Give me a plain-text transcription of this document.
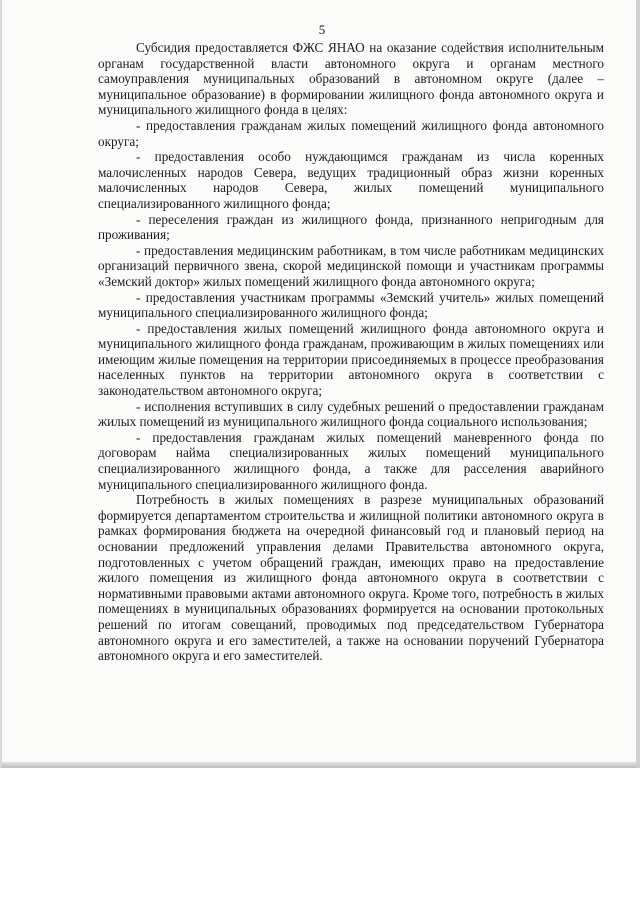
5

Субсидия предоставляется ФЖС ЯНАО на оказание содействия исполнительным органам государственной власти автономного округа и органам местного самоуправления муниципальных образований в автономном округе (далее – муниципальное образование) в формировании жилищного фонда автономного округа и муниципального жилищного фонда в целях:

- предоставления гражданам жилых помещений жилищного фонда автономного округа;

- предоставления особо нуждающимся гражданам из числа коренных малочисленных народов Севера, ведущих традиционный образ жизни коренных малочисленных народов Севера, жилых помещений муниципального специализированного жилищного фонда;

- переселения граждан из жилищного фонда, признанного непригодным для проживания;

- предоставления медицинским работникам, в том числе работникам медицинских организаций первичного звена, скорой медицинской помощи и участникам программы «Земский доктор» жилых помещений жилищного фонда автономного округа;

- предоставления участникам программы «Земский учитель» жилых помещений муниципального специализированного жилищного фонда;

- предоставления жилых помещений жилищного фонда автономного округа и муниципального жилищного фонда гражданам, проживающим в жилых помещениях или имеющим жилые помещения на территории присоединяемых в процессе преобразования населенных пунктов на территории автономного округа в соответствии с законодательством автономного округа;

- исполнения вступивших в силу судебных решений о предоставлении гражданам жилых помещений из муниципального жилищного фонда социального использования;

- предоставления гражданам жилых помещений маневренного фонда по договорам найма специализированных жилых помещений муниципального специализированного жилищного фонда, а также для расселения аварийного муниципального специализированного жилищного фонда.

Потребность в жилых помещениях в разрезе муниципальных образований формируется департаментом строительства и жилищной политики автономного округа в рамках формирования бюджета на очередной финансовый год и плановый период на основании предложений управления делами Правительства автономного округа, подготовленных с учетом обращений граждан, имеющих право на предоставление жилого помещения из жилищного фонда автономного округа в соответствии с нормативными правовыми актами автономного округа. Кроме того, потребность в жилых помещениях в муниципальных образованиях формируется на основании протокольных решений по итогам совещаний, проводимых под председательством Губернатора автономного округа и его заместителей, а также на основании поручений Губернатора автономного округа и его заместителей.
